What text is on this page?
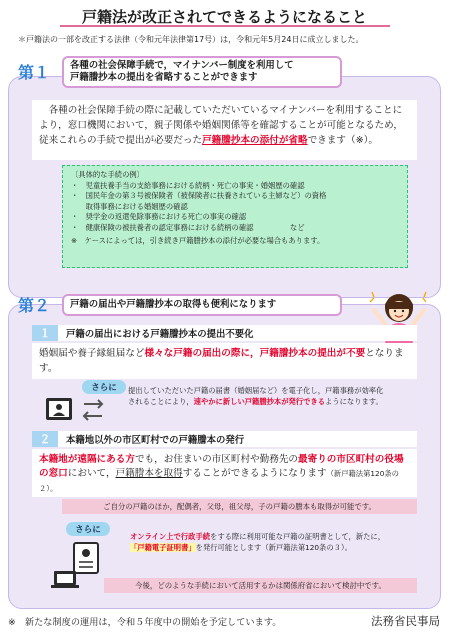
戸籍法が改正されてできるようになること
＊戸籍法の一部を改正する法律（令和元年法律第17号）は，令和元年5月24日に成立しました。
第１ 各種の社会保障手続で，マイナンバー制度を利用して
戸籍謄抄本の提出を省略することができます
　各種の社会保障手続の際に記載していただいているマイナンバーを利用することにより，窓口機関において，親子関係や婚姻関係等を確認することが可能となるため，従来これらの手続で提出が必要だった戸籍謄抄本の添付が省略できます（※）。
〔具体的な手続の例〕
・　児童扶養手当の支給事務における続柄・死亡の事実・婚姻歴の確認
・　国民年金の第３号被保険者（被保険者に扶養されている主婦など）の資格
　　取得事務における婚姻歴の確認
・　奨学金の返還免除事務における死亡の事実の確認
・　健康保険の被扶養者の認定事務における続柄の確認　　　　　など
※　ケースによっては，引き続き戸籍謄抄本の添付が必要な場合もあります。
第２	戸籍の届出や戸籍謄抄本の取得も便利になります
１	戸籍の届出における戸籍謄抄本の提出不要化
婚姻届や養子縁組届など様々な戸籍の届出の際に，戸籍謄抄本の提出が不要となります。
さらに	提出していただいた戸籍の届書（婚姻届など）を電子化し，戸籍事務が効率化されることにより，速やかに新しい戸籍謄抄本が発行できるようになります。
２	本籍地以外の市区町村での戸籍謄本の発行
本籍地が遠隔にある方でも，お住まいの市区町村や勤務先の最寄りの市区町村の役場の窓口において，戸籍謄本を取得することができるようになります（新戸籍法第120条の２）。
ご自分の戸籍のほか，配偶者，父母，祖父母，子の戸籍の謄本も取得が可能です。
さらに
オンライン上で行政手続をする際に利用可能な戸籍の証明書として，新たに，「戸籍電子証明書」を発行可能とします（新戸籍法第120条の３）。
今後，どのような手続において活用するかは関係府省において検討中です。
※　新たな制度の運用は，令和５年度中の開始を予定しています。	法務省民事局
